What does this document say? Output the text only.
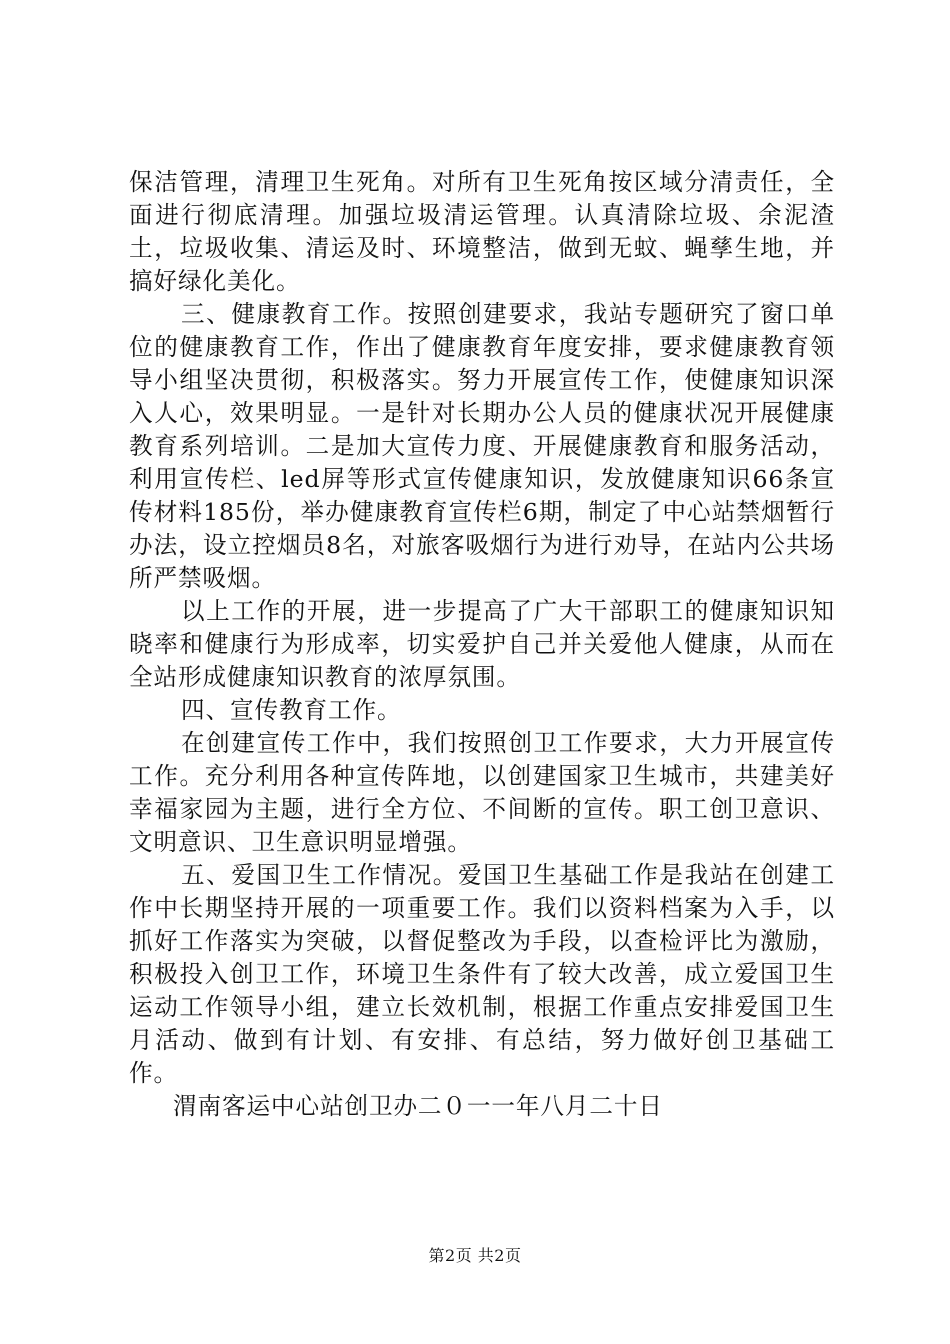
保洁管理，清理卫生死角。对所有卫生死角按区域分清责任，全面进行彻底清理。加强垃圾清运管理。认真清除垃圾、余泥渣土，垃圾收集、清运及时、环境整洁，做到无蚊、蝇孳生地，并搞好绿化美化。

三、健康教育工作。按照创建要求，我站专题研究了窗口单位的健康教育工作，作出了健康教育年度安排，要求健康教育领导小组坚决贯彻，积极落实。努力开展宣传工作，使健康知识深入人心，效果明显。一是针对长期办公人员的健康状况开展健康教育系列培训。二是加大宣传力度、开展健康教育和服务活动，利用宣传栏、led屏等形式宣传健康知识，发放健康知识66条宣传材料185份，举办健康教育宣传栏6期，制定了中心站禁烟暂行办法，设立控烟员8名，对旅客吸烟行为进行劝导，在站内公共场所严禁吸烟。

以上工作的开展，进一步提高了广大干部职工的健康知识知晓率和健康行为形成率，切实爱护自己并关爱他人健康，从而在全站形成健康知识教育的浓厚氛围。

四、宣传教育工作。

在创建宣传工作中，我们按照创卫工作要求，大力开展宣传工作。充分利用各种宣传阵地，以创建国家卫生城市，共建美好幸福家园为主题，进行全方位、不间断的宣传。职工创卫意识、文明意识、卫生意识明显增强。

五、爱国卫生工作情况。爱国卫生基础工作是我站在创建工作中长期坚持开展的一项重要工作。我们以资料档案为入手，以抓好工作落实为突破，以督促整改为手段，以查检评比为激励，积极投入创卫工作，环境卫生条件有了较大改善，成立爱国卫生运动工作领导小组，建立长效机制，根据工作重点安排爱国卫生月活动、做到有计划、有安排、有总结，努力做好创卫基础工作。

渭南客运中心站创卫办二０一一年八月二十日

第2页 共2页
